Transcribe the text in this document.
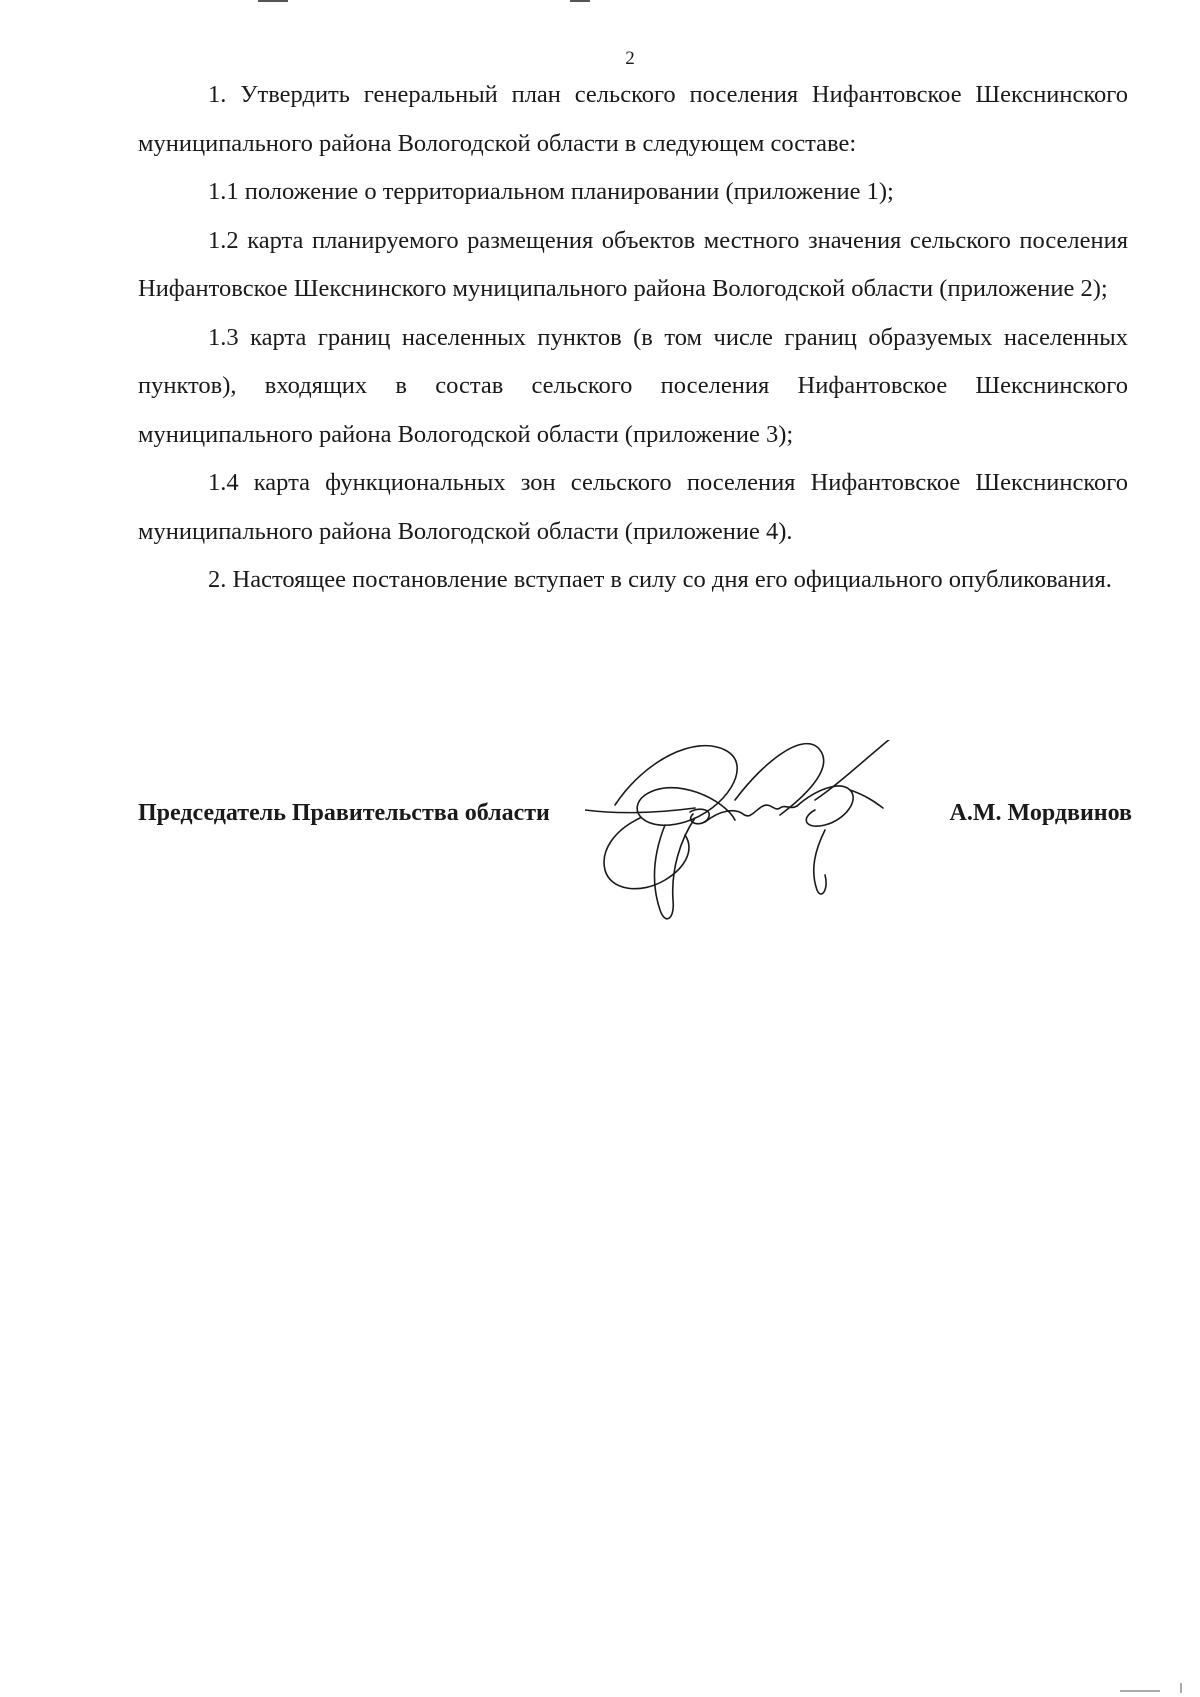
2

1. Утвердить генеральный план сельского поселения Нифантовское Шекснинского муниципального района Вологодской области в следующем составе:

1.1 положение о территориальном планировании (приложение 1);

1.2 карта планируемого размещения объектов местного значения сельского поселения Нифантовское Шекснинского муниципального района Вологодской области (приложение 2);

1.3 карта границ населенных пунктов (в том числе границ образуемых населенных пунктов), входящих в состав сельского поселения Нифантовское Шекснинского муниципального района Вологодской области (приложение 3);

1.4 карта функциональных зон сельского поселения Нифантовское Шекснинского муниципального района Вологодской области (приложение 4).

2. Настоящее постановление вступает в силу со дня его официального опубликования.

Председатель Правительства области	А.М. Мордвинов
